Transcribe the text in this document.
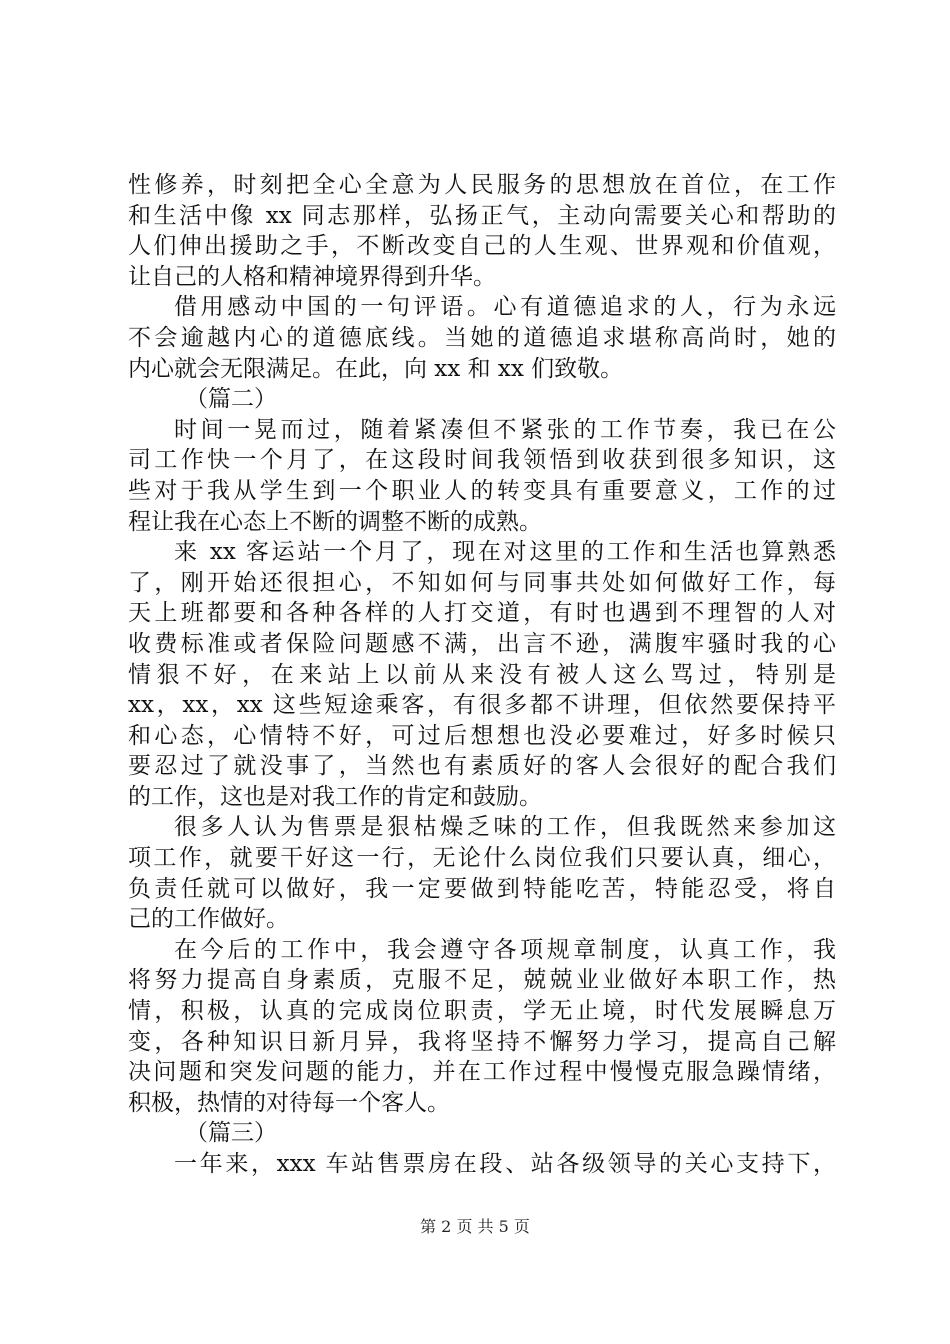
性修养，时刻把全心全意为人民服务的思想放在首位，在工作
和生活中像 xx 同志那样，弘扬正气，主动向需要关心和帮助的
人们伸出援助之手，不断改变自己的人生观、世界观和价值观，
让自己的人格和精神境界得到升华。
借用感动中国的一句评语。心有道德追求的人，行为永远
不会逾越内心的道德底线。当她的道德追求堪称高尚时，她的
内心就会无限满足。在此，向 xx 和 xx 们致敬。
（篇二）
时间一晃而过，随着紧凑但不紧张的工作节奏，我已在公
司工作快一个月了，在这段时间我领悟到收获到很多知识，这
些对于我从学生到一个职业人的转变具有重要意义，工作的过
程让我在心态上不断的调整不断的成熟。
来 xx 客运站一个月了，现在对这里的工作和生活也算熟悉
了，刚开始还很担心，不知如何与同事共处如何做好工作，每
天上班都要和各种各样的人打交道，有时也遇到不理智的人对
收费标准或者保险问题感不满，出言不逊，满腹牢骚时我的心
情狠不好，在来站上以前从来没有被人这么骂过，特别是
xx，xx，xx 这些短途乘客，有很多都不讲理，但依然要保持平
和心态，心情特不好，可过后想想也没必要难过，好多时候只
要忍过了就没事了，当然也有素质好的客人会很好的配合我们
的工作，这也是对我工作的肯定和鼓励。
很多人认为售票是狠枯燥乏味的工作，但我既然来参加这
项工作，就要干好这一行，无论什么岗位我们只要认真，细心，
负责任就可以做好，我一定要做到特能吃苦，特能忍受，将自
己的工作做好。
在今后的工作中，我会遵守各项规章制度，认真工作，我
将努力提高自身素质，克服不足，兢兢业业做好本职工作，热
情，积极，认真的完成岗位职责，学无止境，时代发展瞬息万
变，各种知识日新月异，我将坚持不懈努力学习，提高自己解
决问题和突发问题的能力，并在工作过程中慢慢克服急躁情绪，
积极，热情的对待每一个客人。
（篇三）
一年来，xxx 车站售票房在段、站各级领导的关心支持下，
第 2 页 共 5 页
